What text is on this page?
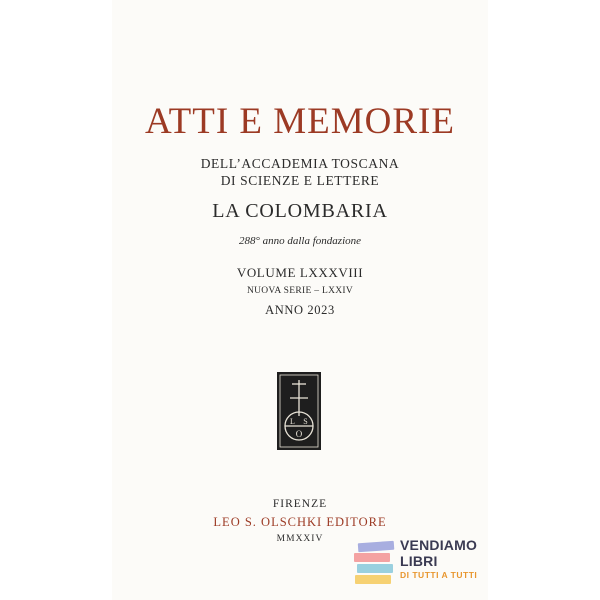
ATTI E MEMORIE
DELL’ACCADEMIA TOSCANA
DI SCIENZE E LETTERE
LA COLOMBARIA
288° anno dalla fondazione
VOLUME LXXXVIII
NUOVA SERIE – LXXIV
ANNO 2023
L S
O
FIRENZE
LEO S. OLSCHKI EDITORE
MMXXIV	VENDIAMO
LIBRI
DI TUTTI A TUTTI
